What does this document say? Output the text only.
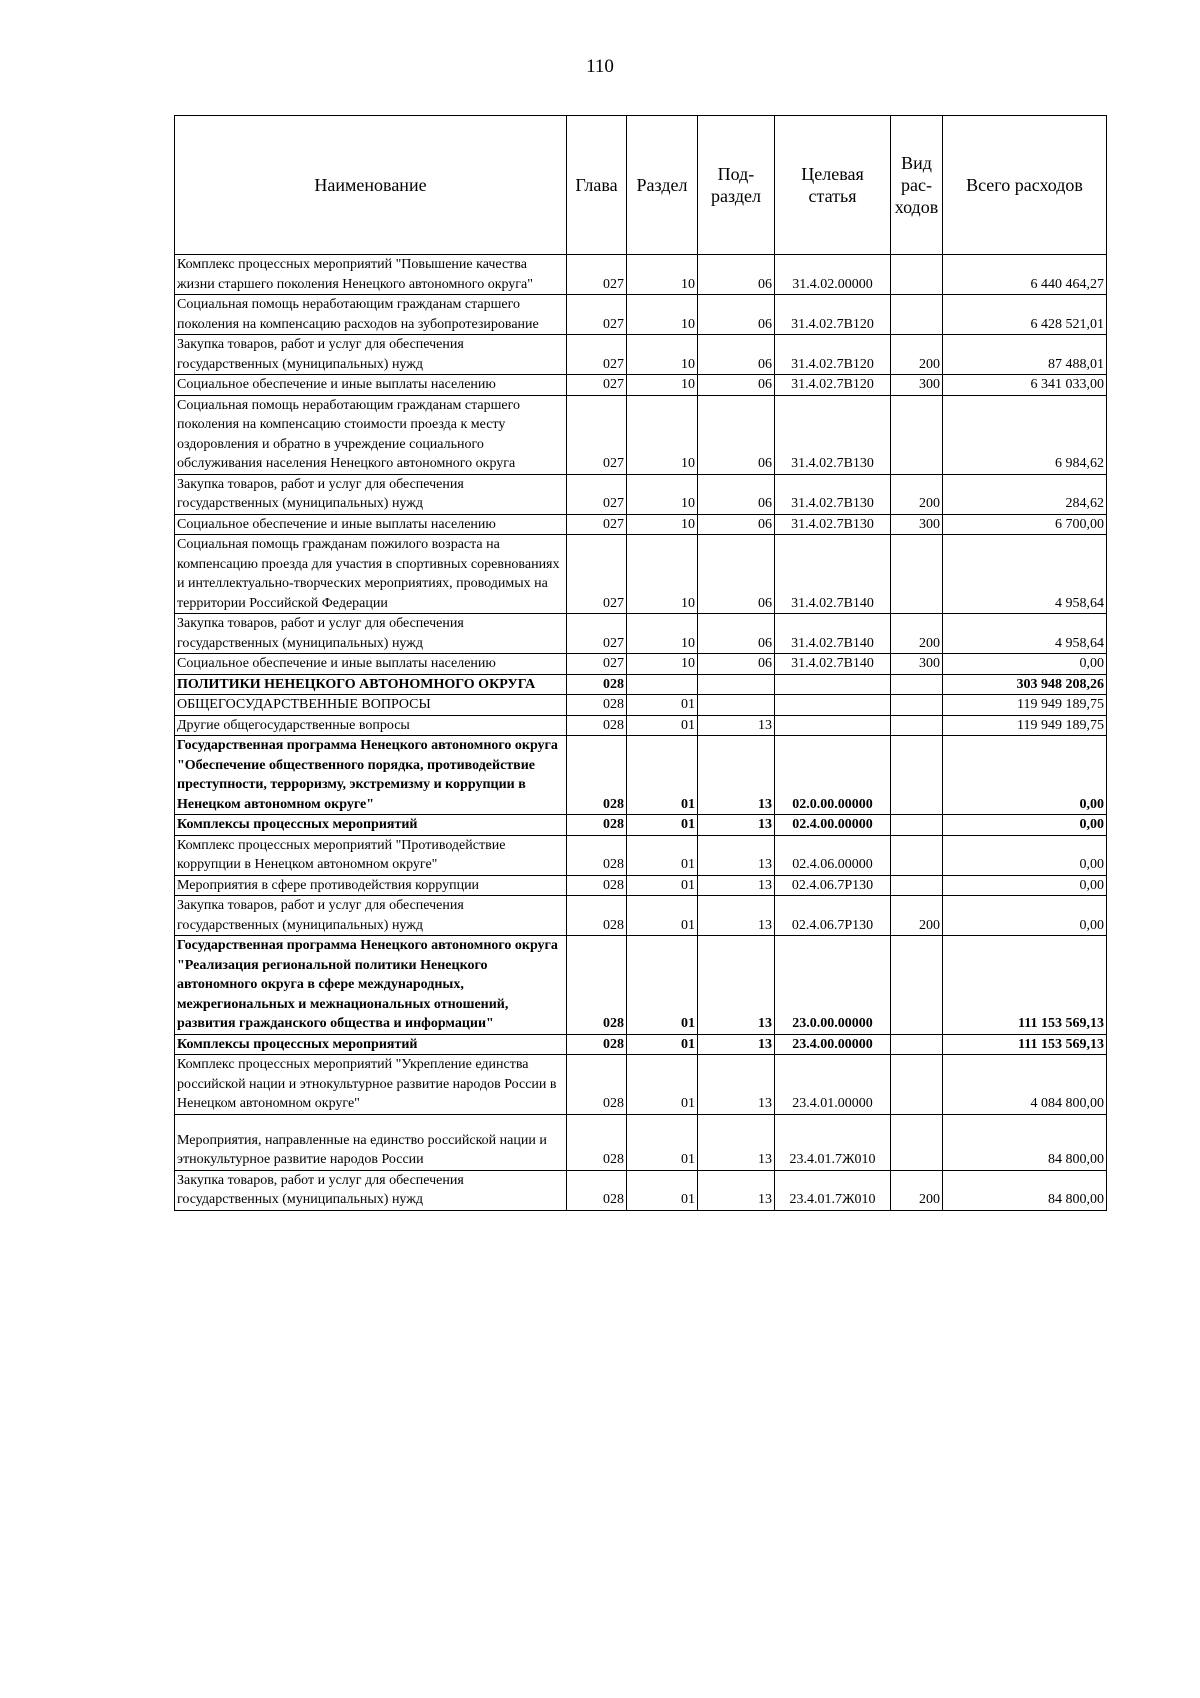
110
Наименование	Глава	Раздел	Под-раздел	Целевая статья	Вид рас-ходов	Всего расходов
Комплекс процессных мероприятий "Повышение качества жизни старшего поколения Ненецкого автономного округа"	027	10	06	31.4.02.00000		6 440 464,27
Социальная помощь неработающим гражданам старшего поколения на компенсацию расходов на зубопротезирование	027	10	06	31.4.02.7В120		6 428 521,01
Закупка товаров, работ и услуг для обеспечения государственных (муниципальных) нужд	027	10	06	31.4.02.7В120	200	87 488,01
Социальное обеспечение и иные выплаты населению	027	10	06	31.4.02.7В120	300	6 341 033,00
Социальная помощь неработающим гражданам старшего поколения на компенсацию стоимости проезда к месту оздоровления и обратно в учреждение социального обслуживания населения Ненецкого автономного округа	027	10	06	31.4.02.7В130		6 984,62
Закупка товаров, работ и услуг для обеспечения государственных (муниципальных) нужд	027	10	06	31.4.02.7В130	200	284,62
Социальное обеспечение и иные выплаты населению	027	10	06	31.4.02.7В130	300	6 700,00
Социальная помощь гражданам пожилого возраста на компенсацию проезда для участия в спортивных соревнованиях и интеллектуально-творческих мероприятиях, проводимых на территории Российской Федерации	027	10	06	31.4.02.7В140		4 958,64
Закупка товаров, работ и услуг для обеспечения государственных (муниципальных) нужд	027	10	06	31.4.02.7В140	200	4 958,64
Социальное обеспечение и иные выплаты населению	027	10	06	31.4.02.7В140	300	0,00
ПОЛИТИКИ НЕНЕЦКОГО АВТОНОМНОГО ОКРУГА	028					303 948 208,26
ОБЩЕГОСУДАРСТВЕННЫЕ ВОПРОСЫ	028	01				119 949 189,75
Другие общегосударственные вопросы	028	01	13			119 949 189,75
Государственная программа Ненецкого автономного округа "Обеспечение общественного порядка, противодействие преступности, терроризму, экстремизму и коррупции в Ненецком автономном округе"	028	01	13	02.0.00.00000		0,00
Комплексы процессных мероприятий	028	01	13	02.4.00.00000		0,00
Комплекс процессных мероприятий "Противодействие коррупции в Ненецком автономном округе"	028	01	13	02.4.06.00000		0,00
Мероприятия в сфере противодействия коррупции	028	01	13	02.4.06.7Р130		0,00
Закупка товаров, работ и услуг для обеспечения государственных (муниципальных) нужд	028	01	13	02.4.06.7Р130	200	0,00
Государственная программа Ненецкого автономного округа "Реализация региональной политики Ненецкого автономного округа в сфере международных, межрегиональных и межнациональных отношений, развития гражданского общества и информации"	028	01	13	23.0.00.00000		111 153 569,13
Комплексы процессных мероприятий	028	01	13	23.4.00.00000		111 153 569,13
Комплекс процессных мероприятий "Укрепление единства российской нации и этнокультурное развитие народов России в Ненецком автономном округе"	028	01	13	23.4.01.00000		4 084 800,00
Мероприятия, направленные на единство российской нации и этнокультурное развитие народов России	028	01	13	23.4.01.7Ж010		84 800,00
Закупка товаров, работ и услуг для обеспечения государственных (муниципальных) нужд	028	01	13	23.4.01.7Ж010	200	84 800,00
